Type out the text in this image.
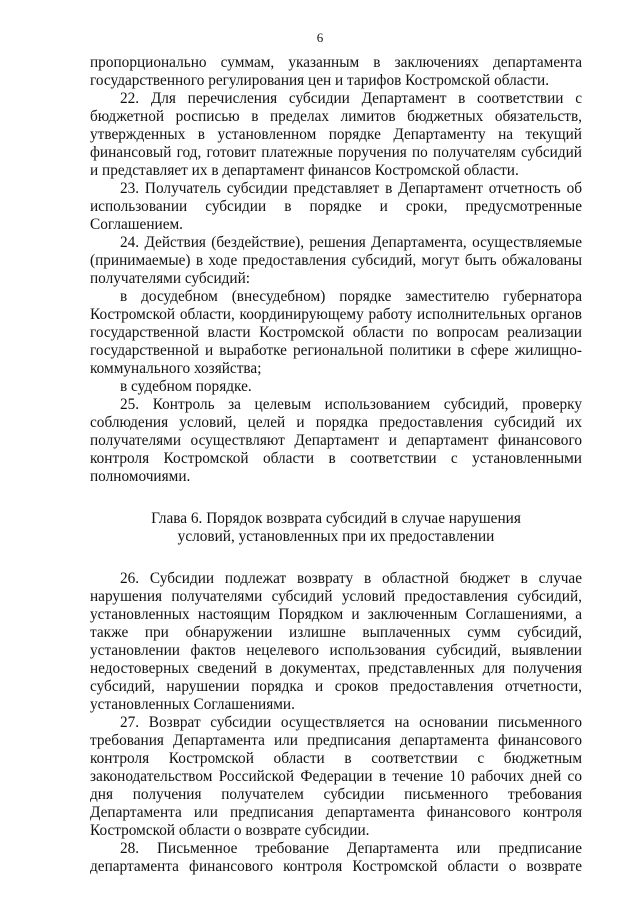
6
пропорционально суммам, указанным в заключениях департамента
государственного регулирования цен и тарифов Костромской области.
22. Для перечисления субсидии Департамент в соответствии с
бюджетной росписью в пределах лимитов бюджетных обязательств,
утвержденных в установленном порядке Департаменту на текущий
финансовый год, готовит платежные поручения по получателям субсидий
и представляет их в департамент финансов Костромской области.
23. Получатель субсидии представляет в Департамент отчетность об
использовании субсидии в порядке и сроки, предусмотренные
Соглашением.
24. Действия (бездействие), решения Департамента, осуществляемые
(принимаемые) в ходе предоставления субсидий, могут быть обжалованы
получателями субсидий:
в досудебном (внесудебном) порядке заместителю губернатора
Костромской области, координирующему работу исполнительных органов
государственной власти Костромской области по вопросам реализации
государственной и выработке региональной политики в сфере жилищно-
коммунального хозяйства;
в судебном порядке.
25. Контроль за целевым использованием субсидий, проверку
соблюдения условий, целей и порядка предоставления субсидий их
получателями осуществляют Департамент и департамент финансового
контроля Костромской области в соответствии с установленными
полномочиями.
Глава 6. Порядок возврата субсидий в случае нарушения
условий, установленных при их предоставлении
26. Субсидии подлежат возврату в областной бюджет в случае
нарушения получателями субсидий условий предоставления субсидий,
установленных настоящим Порядком и заключенным Соглашениями, а
также при обнаружении излишне выплаченных сумм субсидий,
установлении фактов нецелевого использования субсидий, выявлении
недостоверных сведений в документах, представленных для получения
субсидий, нарушении порядка и сроков предоставления отчетности,
установленных Соглашениями.
27. Возврат субсидии осуществляется на основании письменного
требования Департамента или предписания департамента финансового
контроля Костромской области в соответствии с бюджетным
законодательством Российской Федерации в течение 10 рабочих дней со
дня получения получателем субсидии письменного требования
Департамента или предписания департамента финансового контроля
Костромской области о возврате субсидии.
28. Письменное требование Департамента или предписание
департамента финансового контроля Костромской области о возврате
